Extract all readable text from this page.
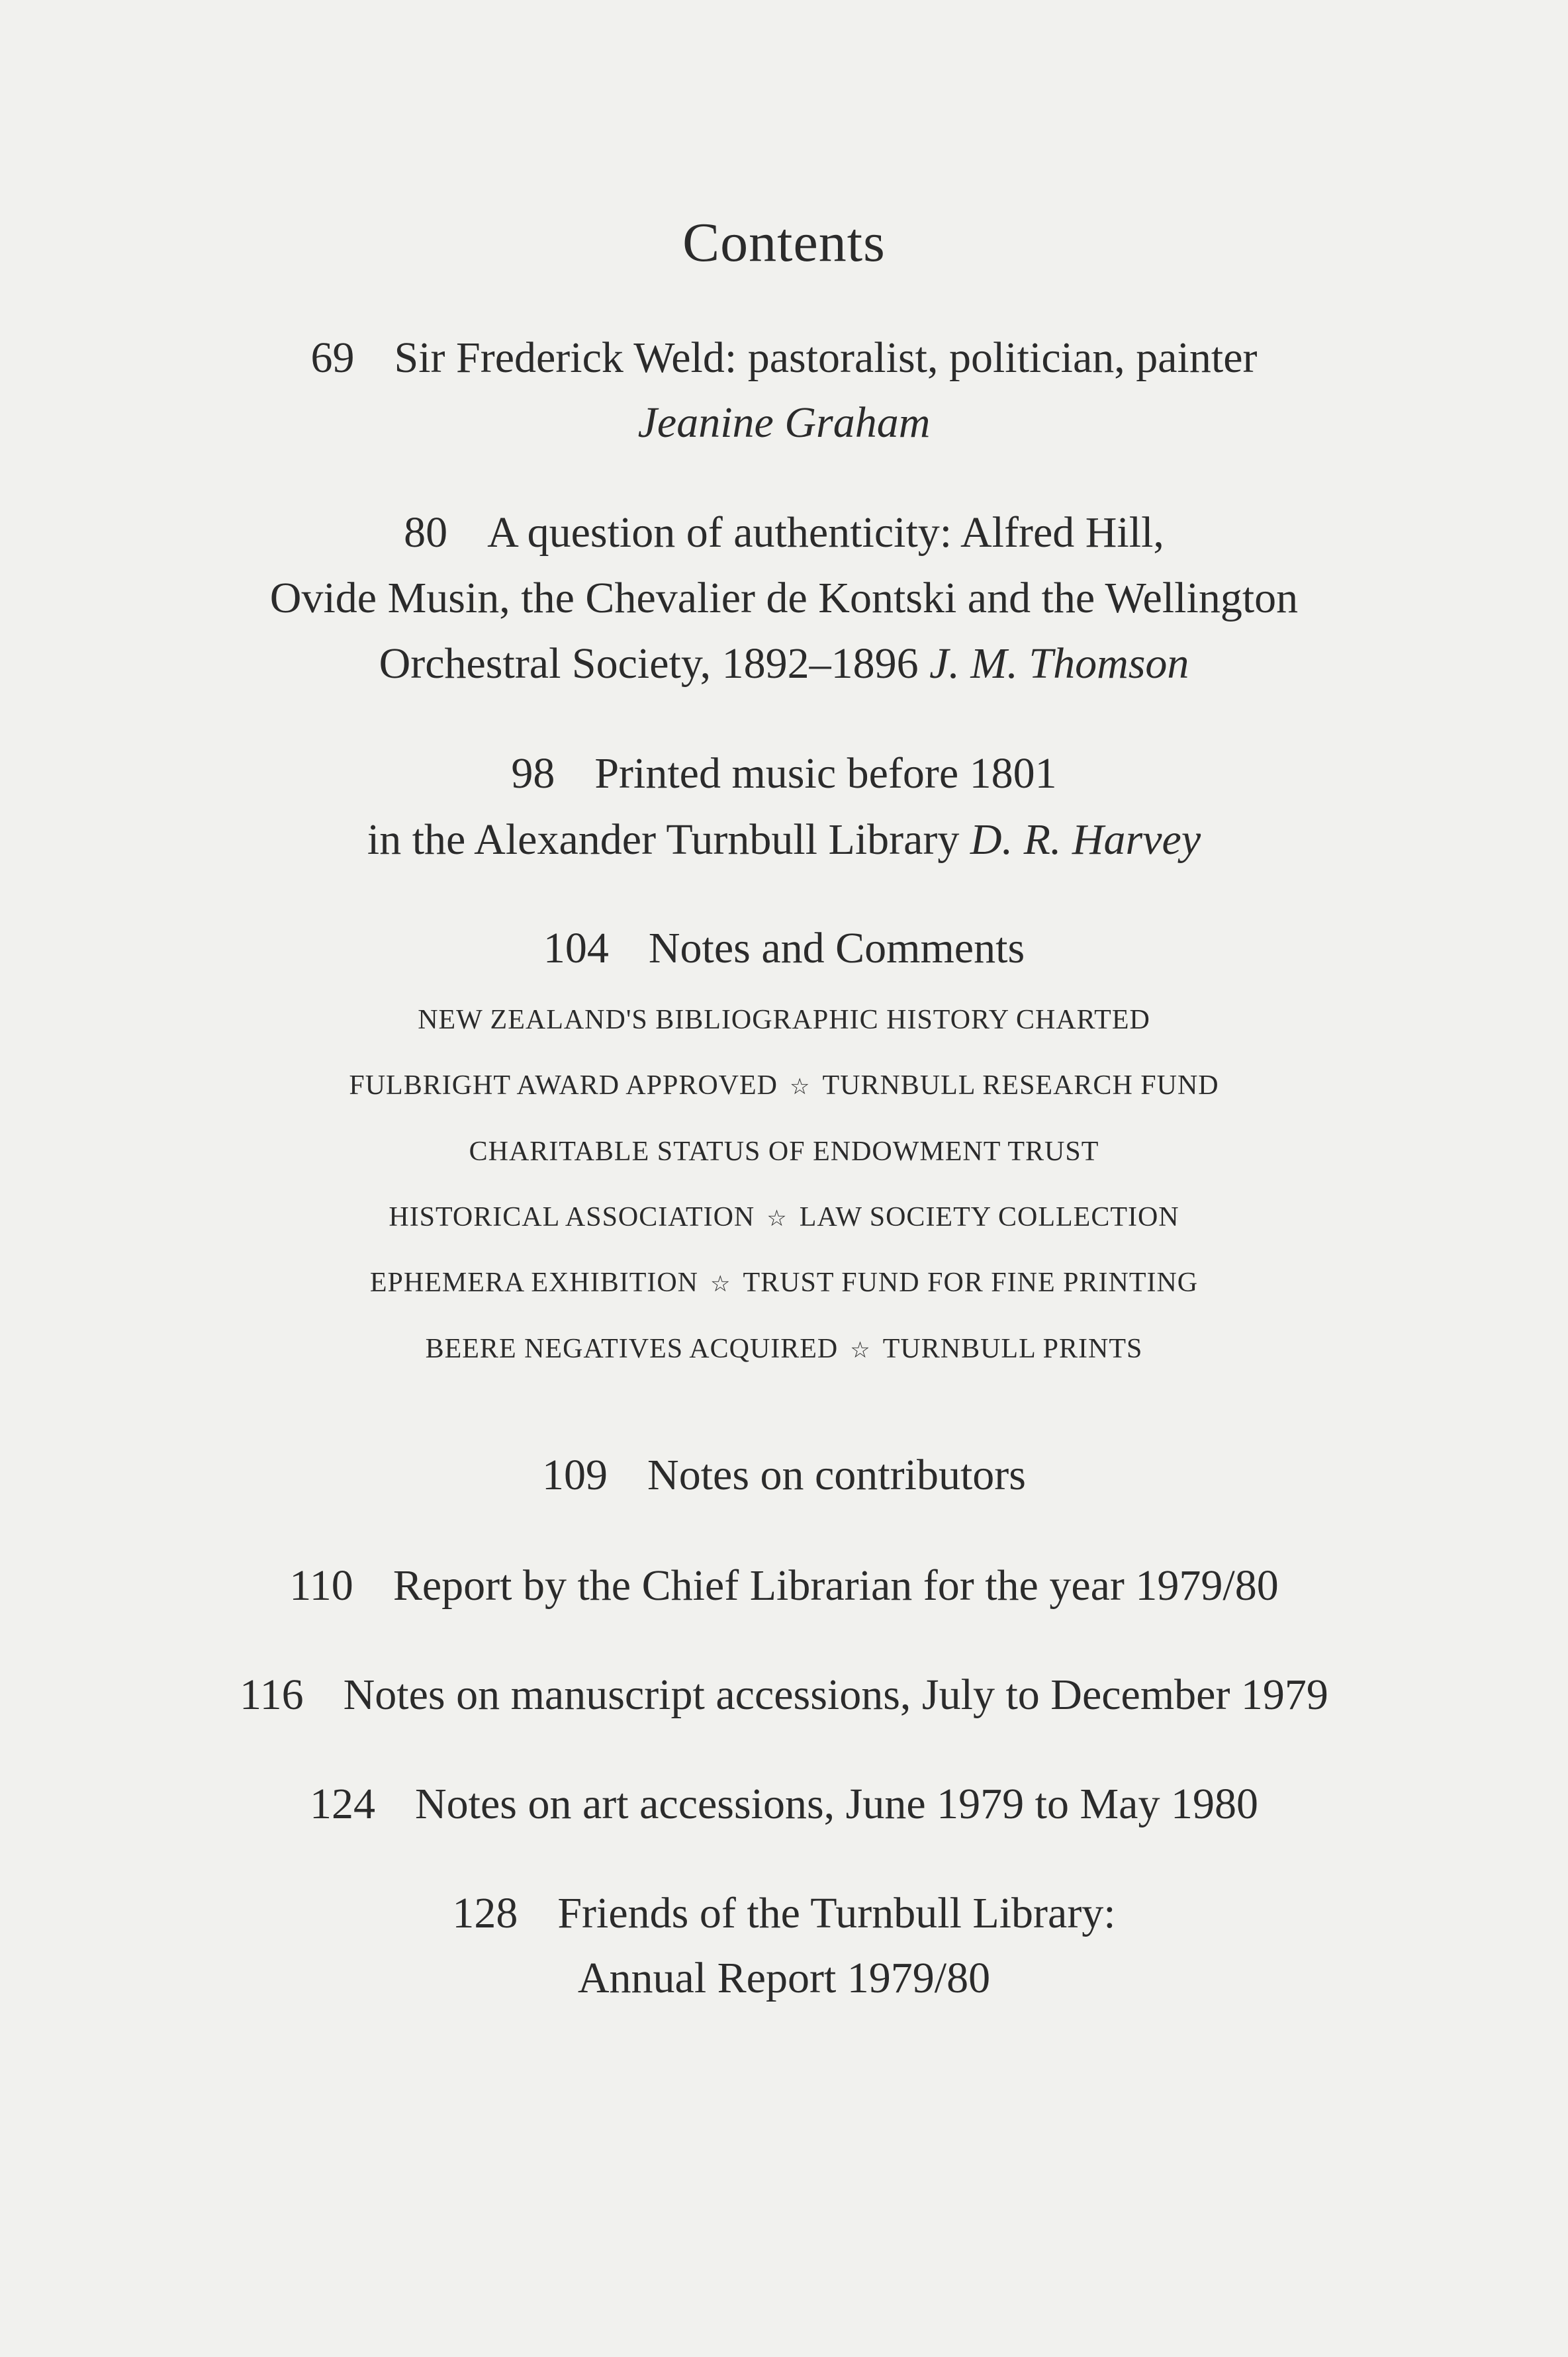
Contents
69 Sir Frederick Weld: pastoralist, politician, painter
Jeanine Graham
80 A question of authenticity: Alfred Hill,
Ovide Musin, the Chevalier de Kontski and the Wellington
Orchestral Society, 1892–1896 J. M. Thomson
98 Printed music before 1801
in the Alexander Turnbull Library D. R. Harvey
104 Notes and Comments
NEW ZEALAND'S BIBLIOGRAPHIC HISTORY CHARTED
FULBRIGHT AWARD APPROVED ☆ TURNBULL RESEARCH FUND
CHARITABLE STATUS OF ENDOWMENT TRUST
HISTORICAL ASSOCIATION ☆ LAW SOCIETY COLLECTION
EPHEMERA EXHIBITION ☆ TRUST FUND FOR FINE PRINTING
BEERE NEGATIVES ACQUIRED ☆ TURNBULL PRINTS
109 Notes on contributors
110 Report by the Chief Librarian for the year 1979/80
116 Notes on manuscript accessions, July to December 1979
124 Notes on art accessions, June 1979 to May 1980
128 Friends of the Turnbull Library:
Annual Report 1979/80
